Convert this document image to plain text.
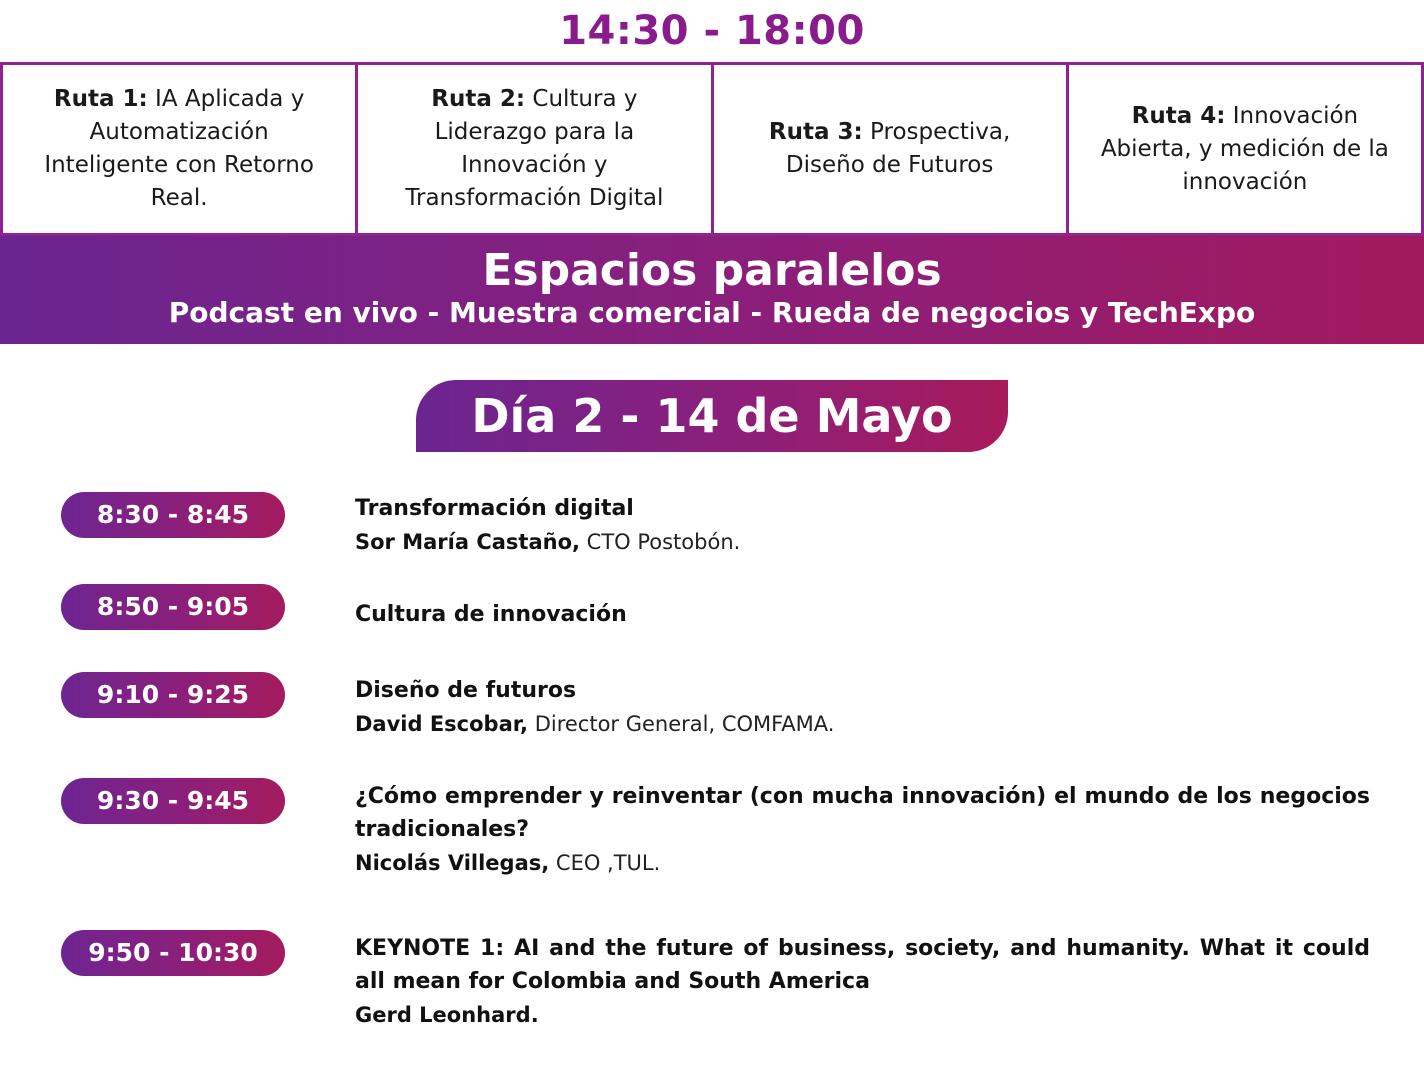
14:30 - 18:00
Ruta 1: IA Aplicada y Automatización Inteligente con Retorno Real.
Ruta 2: Cultura y Liderazgo para la Innovación y Transformación Digital
Ruta 3: Prospectiva, Diseño de Futuros
Ruta 4: Innovación Abierta, y medición de la innovación
Espacios paralelos
Podcast en vivo - Muestra comercial - Rueda de negocios y TechExpo
Día 2 - 14 de Mayo
8:30 - 8:45	Transformación digital
Sor María Castaño, CTO Postobón.
8:50 - 9:05	Cultura de innovación
9:10 - 9:25	Diseño de futuros
David Escobar, Director General, COMFAMA.
9:30 - 9:45	¿Cómo emprender y reinventar (con mucha innovación) el mundo de los negocios tradicionales?
Nicolás Villegas, CEO ,TUL.
9:50 - 10:30	KEYNOTE 1: AI and the future of business, society, and humanity. What it could all mean for Colombia and South America
Gerd Leonhard.
